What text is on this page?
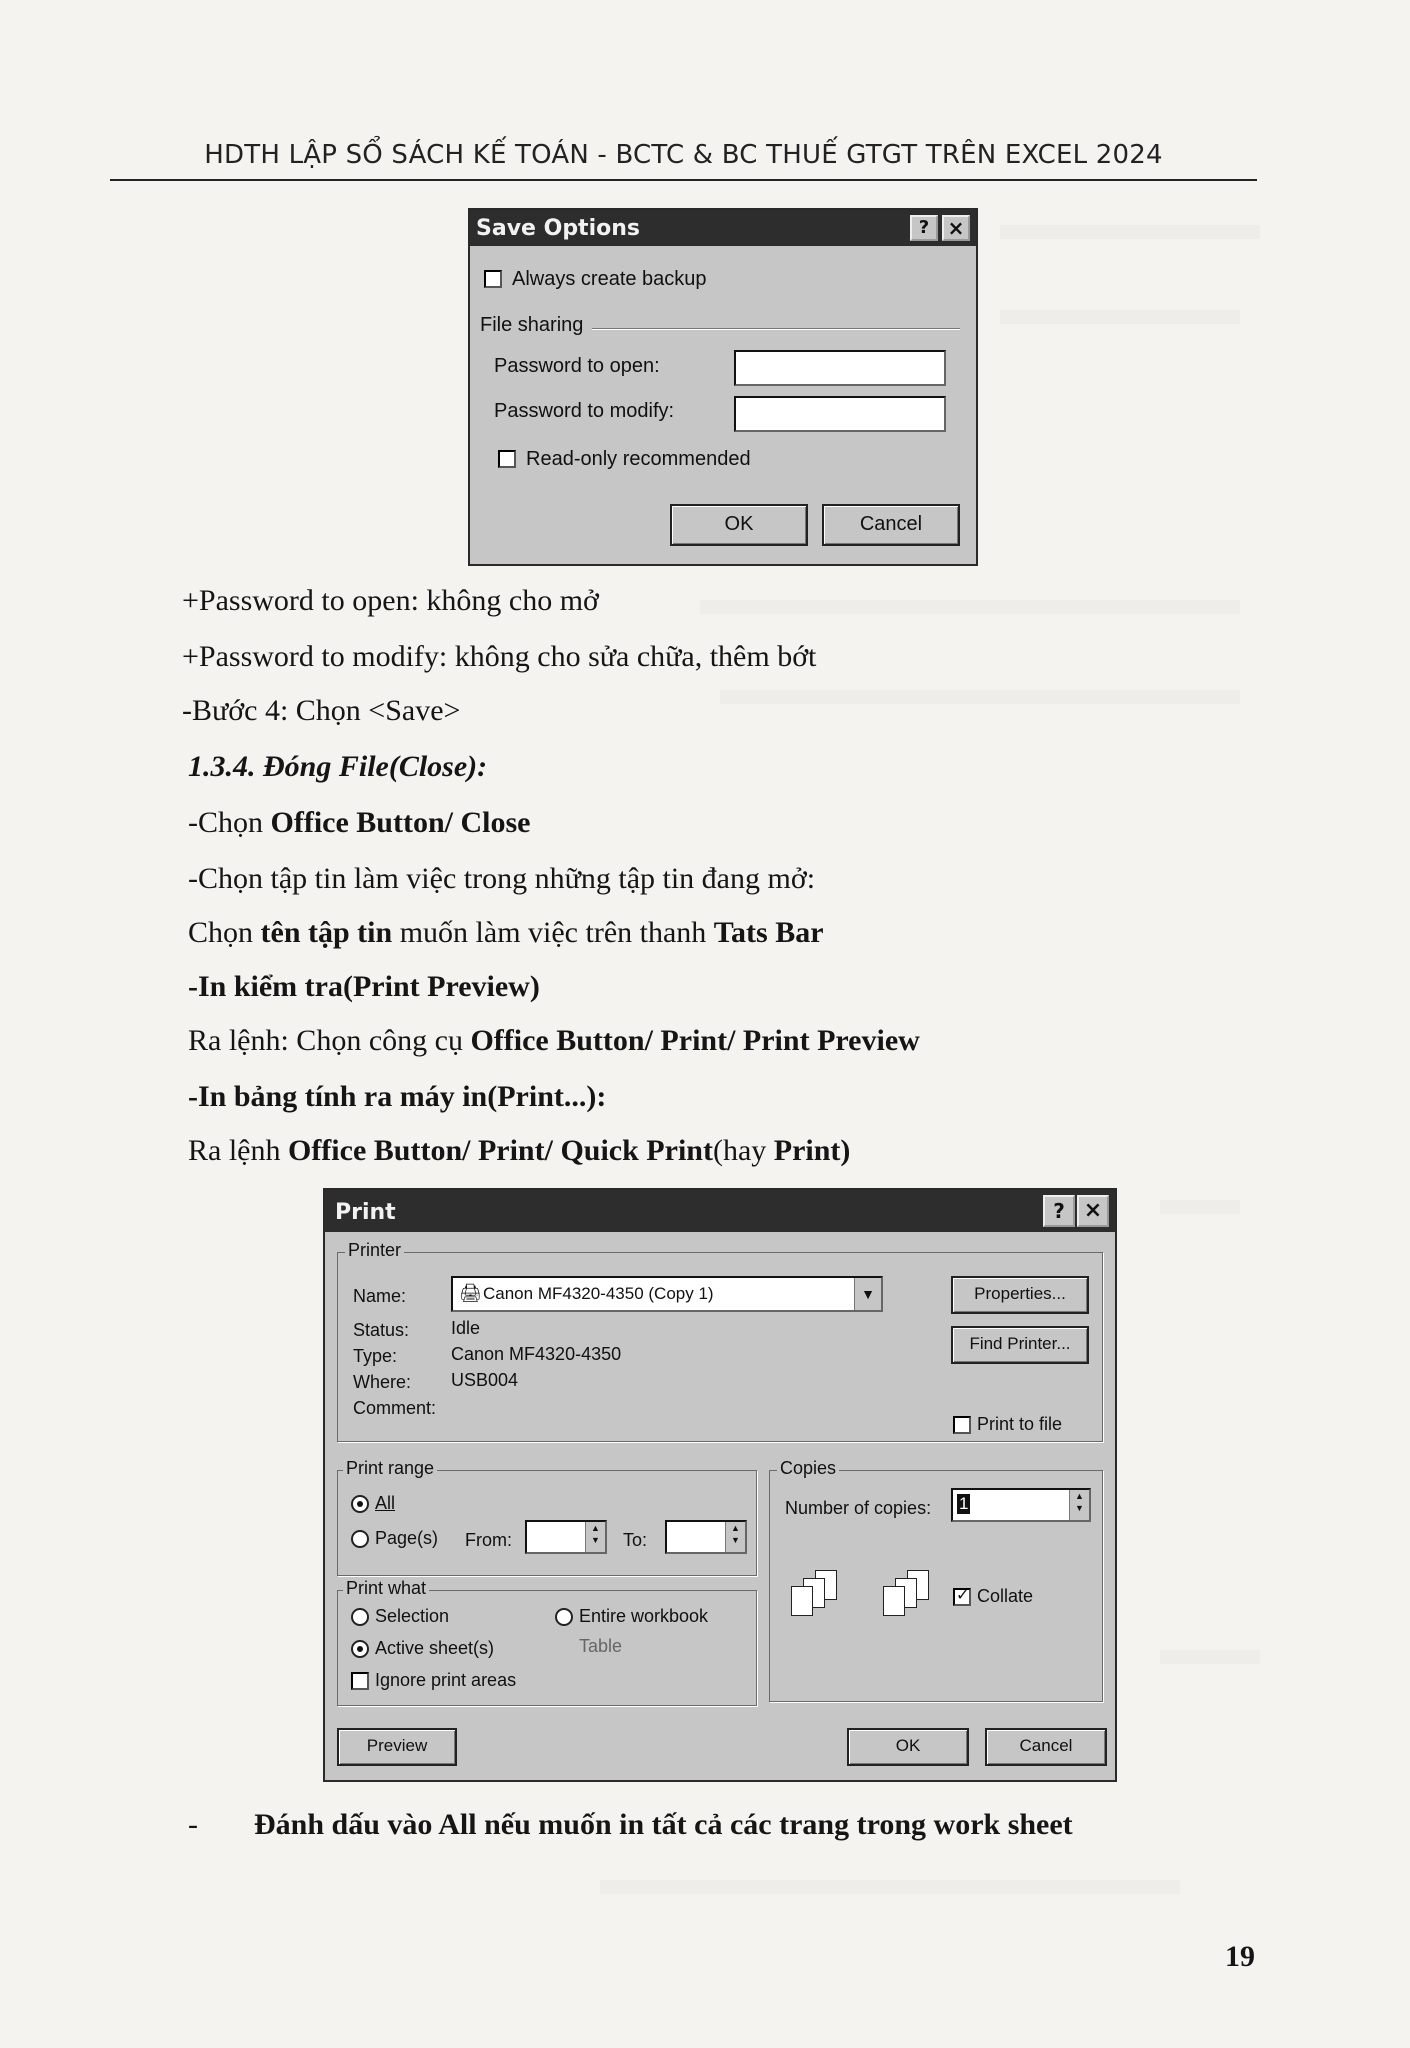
HDTH LẬP SỔ SÁCH KẾ TOÁN - BCTC & BC THUẾ GTGT TRÊN EXCEL 2024
Save Options	? ×
Always create backup
File sharing
Password to open:
Password to modify:
Read-only recommended
OK	Cancel
+Password to open: không cho mở
+Password to modify: không cho sửa chữa, thêm bớt
-Bước 4: Chọn <Save>
1.3.4. Đóng File(Close):
-Chọn Office Button/ Close
-Chọn tập tin làm việc trong những tập tin đang mở:
Chọn tên tập tin muốn làm việc trên thanh Tats Bar
-In kiểm tra(Print Preview)
Ra lệnh: Chọn công cụ Office Button/ Print/ Print Preview
-In bảng tính ra máy in(Print...):
Ra lệnh Office Button/ Print/ Quick Print(hay Print)
Print	? ×
Printer
Name:	🖨 Canon MF4320-4350 (Copy 1)	▼	Properties...
Find Printer...
Status: Idle
Type:	Canon MF4320-4350
Where: USB004
Comment:
Print to file
Print range
All
Page(s) From:
▲
▼ To:
▲
▼
Copies
Number of copies: 1	▲
▼
✓
Collate
Print what
Selection	Entire workbook
Active sheet(s)	Table
Ignore print areas
Preview	OK	Cancel
- Đánh dấu vào All nếu muốn in tất cả các trang trong work sheet
19
